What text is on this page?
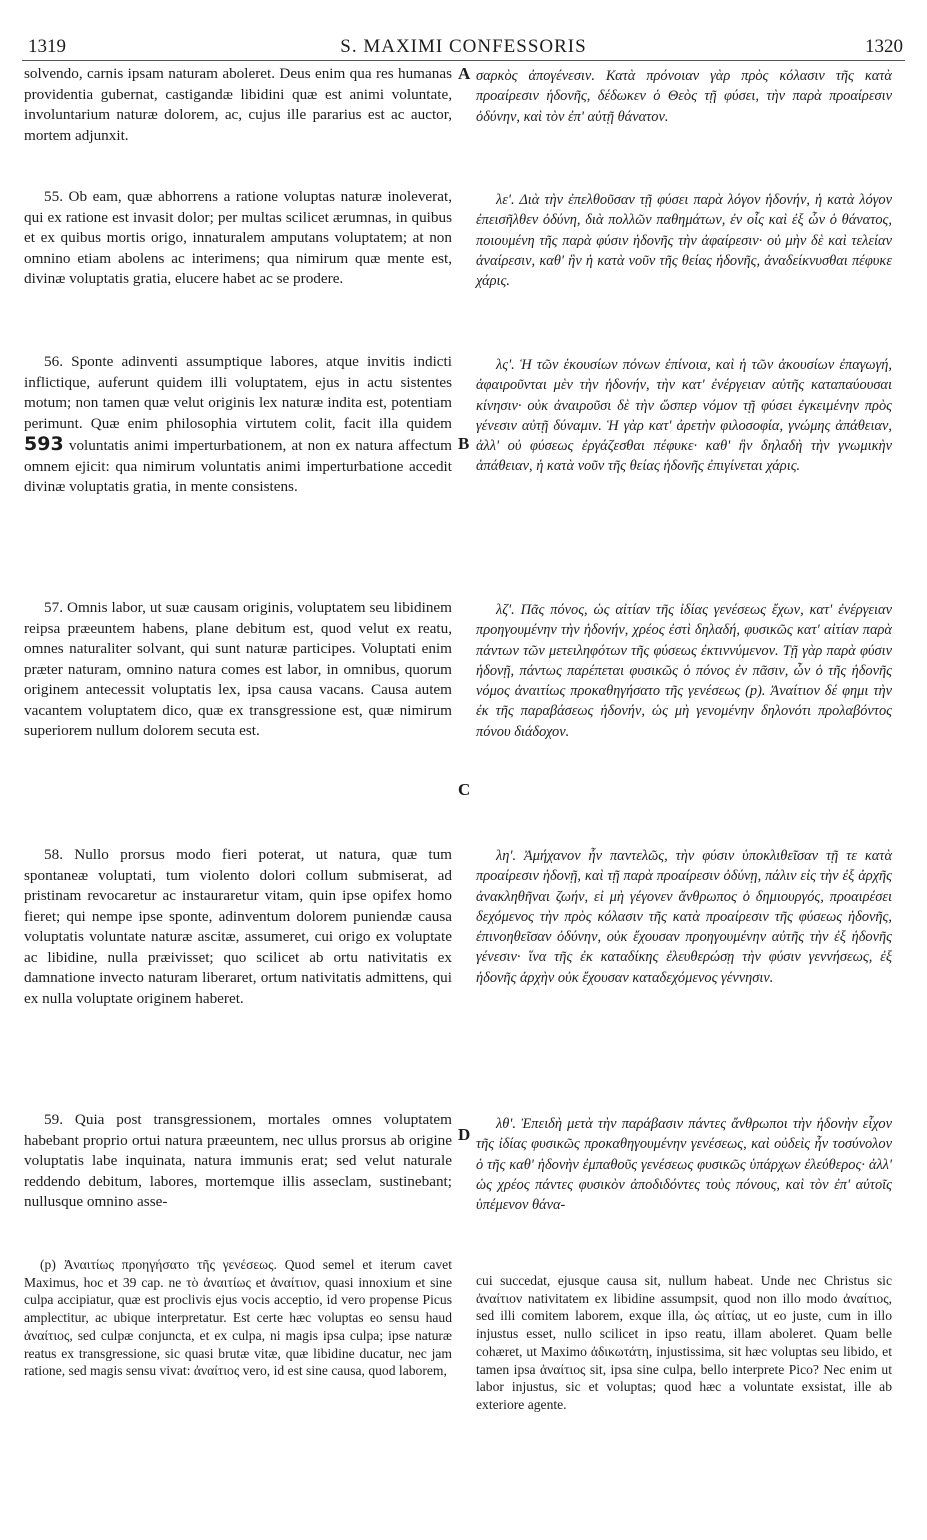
1319	S. MAXIMI CONFESSORIS	1320

solvendo, carnis ipsam naturam aboleret. Deus enim qua res humanas providentia gubernat, castigandæ libidini quæ est animi voluntate, involuntarium naturæ dolorem, ac, cujus ille pararius est ac auctor, mortem adjunxit.

55. Ob eam, quæ abhorrens a ratione voluptas naturæ inoleverat, qui ex ratione est invasit dolor; per multas scilicet ærumnas, in quibus et ex quibus mortis origo, innaturalem amputans voluptatem; at non omnino etiam abolens ac interimens; qua nimirum quæ mente est, divinæ voluptatis gratia, elucere habet ac se prodere.

56. Sponte adinventi assumptique labores, atque invitis indicti inflictique, auferunt quidem illi voluptatem, ejus in actu sistentes motum; non tamen quæ velut originis lex naturæ indita est, potentiam perimunt. Quæ enim philosophia virtutem colit, facit illa quidem 593 voluntatis animi imperturbationem, at non ex natura affectum omnem ejicit: qua nimirum voluntatis animi imperturbatione accedit divinæ voluptatis gratia, in mente consistens.

57. Omnis labor, ut suæ causam originis, voluptatem seu libidinem reipsa præeuntem habens, plane debitum est, quod velut ex reatu, omnes naturaliter solvant, qui sunt naturæ participes. Voluptati enim præter naturam, omnino natura comes est labor, in omnibus, quorum originem antecessit voluptatis lex, ipsa causa vacans. Causa autem vacantem voluptatem dico, quæ ex transgressione est, quæ nimirum superiorem nullum dolorem secuta est.

58. Nullo prorsus modo fieri poterat, ut natura, quæ tum spontaneæ voluptati, tum violento dolori collum submiserat, ad pristinam revocaretur ac instauraretur vitam, quin ipse opifex homo fieret; qui nempe ipse sponte, adinventum dolorem puniendæ causa voluptatis voluntate naturæ ascitæ, assumeret, cui origo ex voluptate ac libidine, nulla præivisset; quo scilicet ab ortu nativitatis ex damnatione invecto naturam liberaret, ortum nativitatis admittens, qui ex nulla voluptate originem haberet.

59. Quia post transgressionem, mortales omnes voluptatem habebant proprio ortui natura præeuntem, nec ullus prorsus ab origine voluptatis labe inquinata, natura immunis erat; sed velut naturale reddendo debitum, labores, mortemque illis asseclam, sustinebant; nullusque omnino asse-

A
B
C
D

σαρκὸς ἀπογένεσιν. Κατὰ πρόνοιαν γὰρ πρὸς κόλασιν τῆς κατὰ προαίρεσιν ἡδονῆς, δέδωκεν ὁ Θεὸς τῇ φύσει, τὴν παρὰ προαίρεσιν ὀδύνην, καὶ τὸν ἐπ' αὐτῇ θάνατον.

λε'. Διὰ τὴν ἐπελθοῦσαν τῇ φύσει παρὰ λόγον ἡδονήν, ἡ κατὰ λόγον ἐπεισῆλθεν ὀδύνη, διὰ πολλῶν παθημάτων, ἐν οἷς καὶ ἐξ ὧν ὁ θάνατος, ποιουμένη τῆς παρὰ φύσιν ἡδονῆς τὴν ἀφαίρεσιν· οὐ μὴν δὲ καὶ τελείαν ἀναίρεσιν, καθ' ἣν ἡ κατὰ νοῦν τῆς θείας ἡδονῆς, ἀναδείκνυσθαι πέφυκε χάρις.

λς'. Ἡ τῶν ἑκουσίων πόνων ἐπίνοια, καὶ ἡ τῶν ἀκουσίων ἐπαγωγή, ἀφαιροῦνται μὲν τὴν ἡδονήν, τὴν κατ' ἐνέργειαν αὐτῆς καταπαύουσαι κίνησιν· οὐκ ἀναιροῦσι δὲ τὴν ὥσπερ νόμον τῇ φύσει ἐγκειμένην πρὸς γένεσιν αὐτῇ δύναμιν. Ἡ γὰρ κατ' ἀρετὴν φιλοσοφία, γνώμης ἀπάθειαν, ἀλλ' οὐ φύσεως ἐργάζεσθαι πέφυκε· καθ' ἣν δηλαδὴ τὴν γνωμικὴν ἀπάθειαν, ἡ κατὰ νοῦν τῆς θείας ἡδονῆς ἐπιγίνεται χάρις.

λζ'. Πᾶς πόνος, ὡς αἰτίαν τῆς ἰδίας γενέσεως ἔχων, κατ' ἐνέργειαν προηγουμένην τὴν ἡδονήν, χρέος ἐστὶ δηλαδή, φυσικῶς κατ' αἰτίαν παρὰ πάντων τῶν μετειληφότων τῆς φύσεως ἐκτιννύμενον. Τῇ γὰρ παρὰ φύσιν ἡδονῇ, πάντως παρέπεται φυσικῶς ὁ πόνος ἐν πᾶσιν, ὧν ὁ τῆς ἡδονῆς νόμος ἀναιτίως προκαθηγήσατο τῆς γενέσεως (p). Ἀναίτιον δέ φημι τὴν ἐκ τῆς παραβάσεως ἡδονήν, ὡς μὴ γενομένην δηλονότι προλαβόντος πόνου διάδοχον.

λη'. Ἀμήχανον ἦν παντελῶς, τὴν φύσιν ὑποκλιθεῖσαν τῇ τε κατὰ προαίρεσιν ἡδονῇ, καὶ τῇ παρὰ προαίρεσιν ὀδύνῃ, πάλιν εἰς τὴν ἐξ ἀρχῆς ἀνακληθῆναι ζωήν, εἰ μὴ γέγονεν ἄνθρωπος ὁ δημιουργός, προαιρέσει δεχόμενος τὴν πρὸς κόλασιν τῆς κατὰ προαίρεσιν τῆς φύσεως ἡδονῆς, ἐπινοηθεῖσαν ὀδύνην, οὐκ ἔχουσαν προηγουμένην αὐτῆς τὴν ἐξ ἡδονῆς γένεσιν· ἵνα τῆς ἐκ καταδίκης ἐλευθερώσῃ τὴν φύσιν γεννήσεως, ἐξ ἡδονῆς ἀρχὴν οὐκ ἔχουσαν καταδεχόμενος γέννησιν.

λθ'. Ἐπειδὴ μετὰ τὴν παράβασιν πάντες ἄνθρωποι τὴν ἡδονὴν εἶχον τῆς ἰδίας φυσικῶς προκαθηγουμένην γενέσεως, καὶ οὐδεὶς ἦν τοσύνολον ὁ τῆς καθ' ἡδονὴν ἐμπαθοῦς γενέσεως φυσικῶς ὑπάρχων ἐλεύθερος· ἀλλ' ὡς χρέος πάντες φυσικὸν ἀποδιδόντες τοὺς πόνους, καὶ τὸν ἐπ' αὐτοῖς ὑπέμενον θάνα-

(p) Ἀναιτίως προηγήσατο τῆς γενέσεως. Quod semel et iterum cavet Maximus, hoc et 39 cap. ne τὸ ἀναιτίως et ἀναίτιον, quasi innoxium et sine culpa accipiatur, quæ est proclivis ejus vocis acceptio, id vero propense Picus amplectitur, ac ubique interpretatur. Est certe hæc voluptas eo sensu haud ἀναίτιος, sed culpæ conjuncta, et ex culpa, ni magis ipsa culpa; ipse naturæ reatus ex transgressione, sic quasi brutæ vitæ, quæ libidine ducatur, nec jam ratione, sed magis sensu vivat: ἀναίτιος vero, id est sine causa, quod laborem,

cui succedat, ejusque causa sit, nullum habeat. Unde nec Christus sic ἀναίτιον nativitatem ex libidine assumpsit, quod non illo modo ἀναίτιος, sed illi comitem laborem, exque illa, ὡς αἰτίας, ut eo juste, cum in illo injustus esset, nullo scilicet in ipso reatu, illam aboleret. Quam belle cohæret, ut Maximo ἀδικωτάτη, injustissima, sit hæc voluptas seu libido, et tamen ipsa ἀναίτιος sit, ipsa sine culpa, bello interprete Pico? Nec enim ut labor injustus, sic et voluptas; quod hæc a voluntate exsistat, ille ab exteriore agente.
